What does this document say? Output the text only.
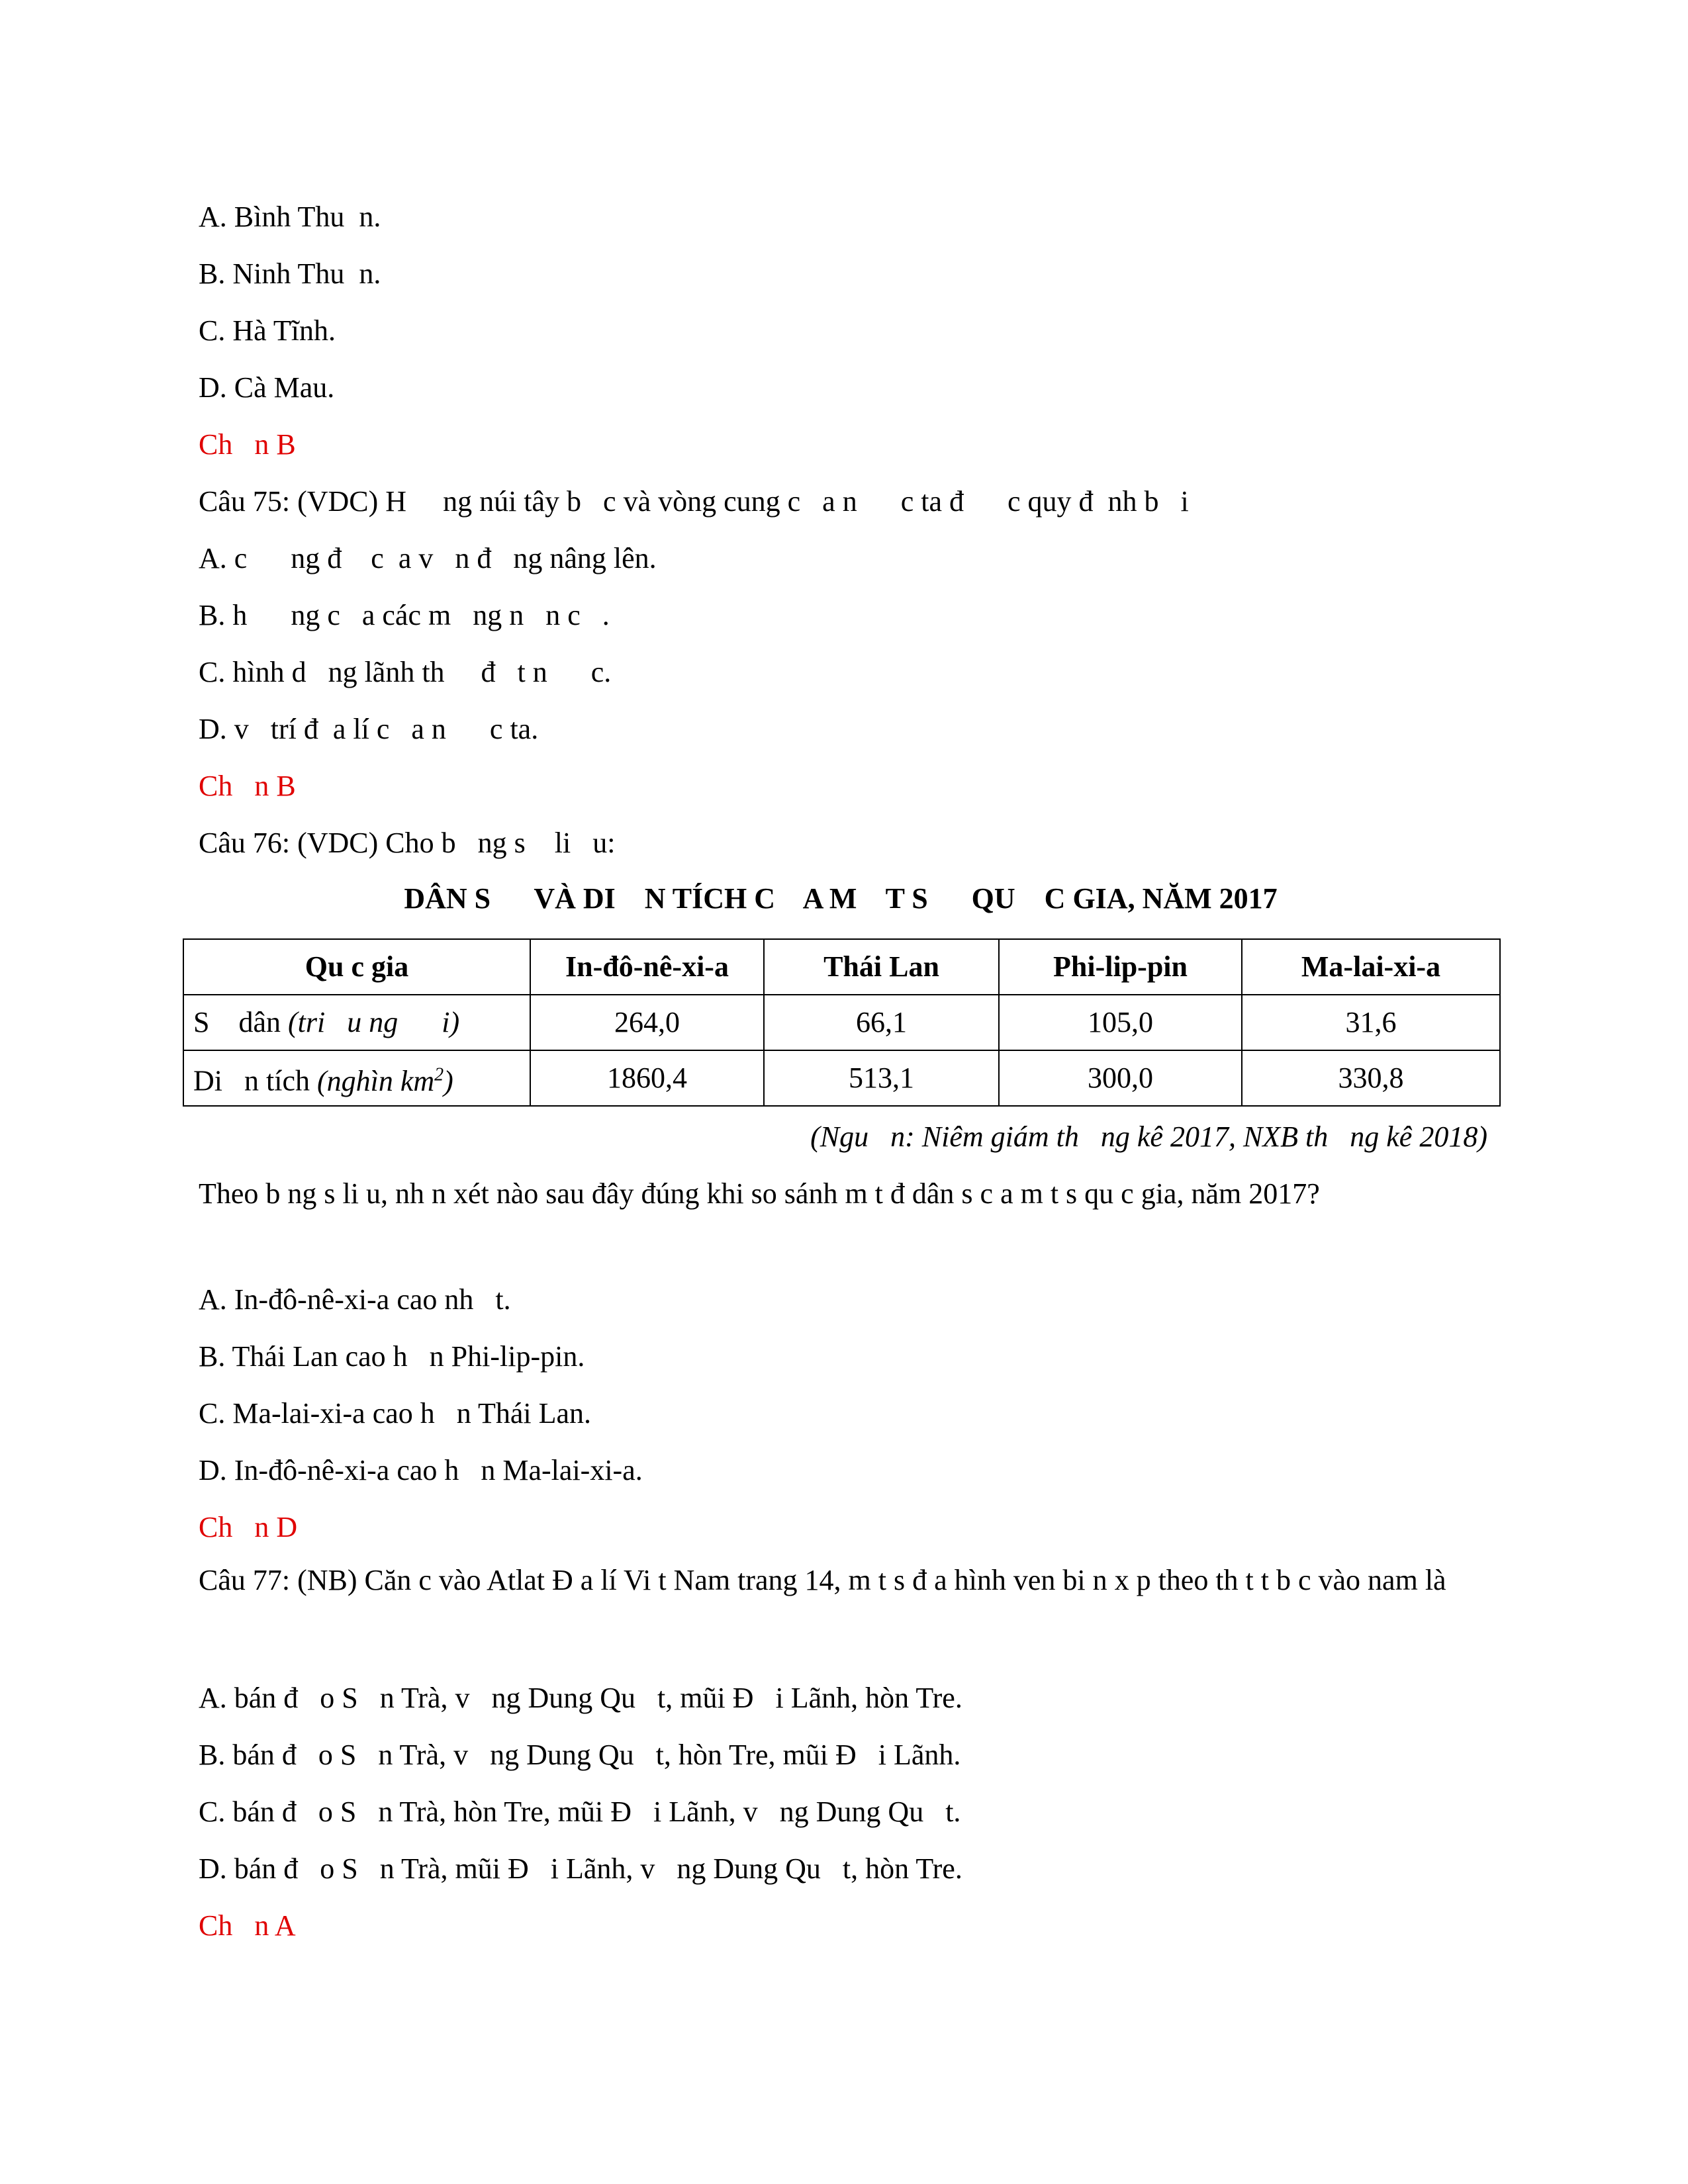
A. Bình Thu  n.

B. Ninh Thu  n.

C. Hà Tĩnh.

D. Cà Mau.

Ch   n B

Câu 75: (VDC) H     ng núi tây b   c và vòng cung c   a n      c ta đ      c quy đ  nh b   i

A. c      ng đ    c  a v   n đ   ng nâng lên.

B. h      ng c   a các m   ng n   n c   .

C. hình d   ng lãnh th     đ   t n      c.

D. v   trí đ  a lí c   a n      c ta.

Ch   n B

Câu 76: (VDC) Cho b   ng s    li   u:

DÂN S      VÀ DI    N TÍCH C    A M    T S      QU    C GIA, NĂM 2017

Qu c gia	In-đô-nê-xi-a	Thái Lan	Phi-lip-pin	Ma-lai-xi-a
S    dân (tri   u ng      i)	264,0	66,1	105,0	31,6
Di   n tích (nghìn $km^2$)	1860,4	513,1	300,0	330,8

(Ngu   n: Niêm giám th   ng kê 2017, NXB th   ng kê 2018)

Theo b ng s li u, nh n xét nào sau đây đúng khi so sánh m t đ dân s c a m t s qu c gia, năm 2017?

A. In-đô-nê-xi-a cao nh   t.

B. Thái Lan cao h   n Phi-lip-pin.

C. Ma-lai-xi-a cao h   n Thái Lan.

D. In-đô-nê-xi-a cao h   n Ma-lai-xi-a.

Ch   n D

Câu 77: (NB) Căn c vào Atlat Đ a lí Vi t Nam trang 14, m t s đ a hình ven bi n x p theo th t t b c vào nam là

A. bán đ   o S   n Trà, v   ng Dung Qu   t, mũi Đ   i Lãnh, hòn Tre.

B. bán đ   o S   n Trà, v   ng Dung Qu   t, hòn Tre, mũi Đ   i Lãnh.

C. bán đ   o S   n Trà, hòn Tre, mũi Đ   i Lãnh, v   ng Dung Qu   t.

D. bán đ   o S   n Trà, mũi Đ   i Lãnh, v   ng Dung Qu   t, hòn Tre.

Ch   n A
